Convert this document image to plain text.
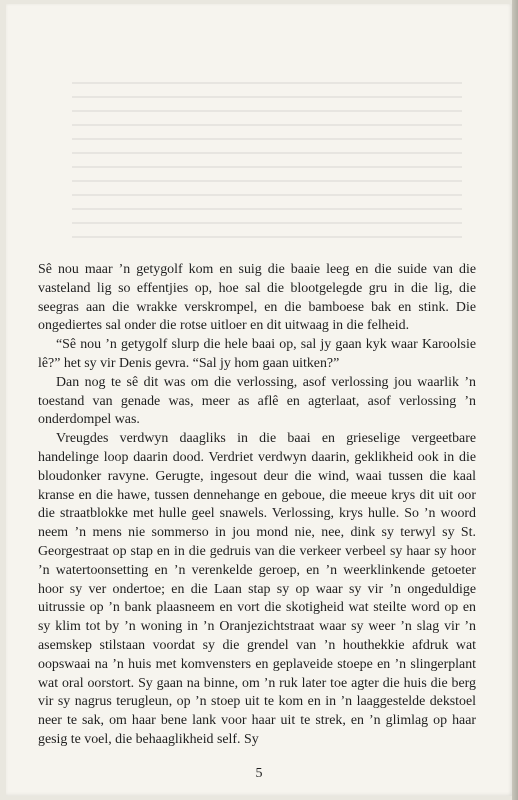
Sê nou maar ’n getygolf kom en suig die baaie leeg en die suide van die vasteland lig so effentjies op, hoe sal die blootgelegde gru in die lig, die seegras aan die wrakke verskrompel, en die bamboese bak en stink. Die ongediertes sal onder die rotse uitloer en dit uitwaag in die felheid.

“Sê nou ’n getygolf slurp die hele baai op, sal jy gaan kyk waar Karoolsie lê?” het sy vir Denis gevra. “Sal jy hom gaan uitken?”

Dan nog te sê dit was om die verlossing, asof verlossing jou waarlik ’n toestand van genade was, meer as aflê en agterlaat, asof verlossing ’n onderdompel was.

Vreugdes verdwyn daagliks in die baai en grieselige vergeetbare handelinge loop daarin dood. Verdriet verdwyn daarin, geklikheid ook in die bloudonker ravyne. Gerugte, ingesout deur die wind, waai tussen die kaal kranse en die hawe, tussen dennehange en geboue, die meeue krys dit uit oor die straatblokke met hulle geel snawels. Verlossing, krys hulle. So ’n woord neem ’n mens nie sommerso in jou mond nie, nee, dink sy terwyl sy St. Georgestraat op stap en in die gedruis van die verkeer verbeel sy haar sy hoor ’n watertoonsetting en ’n verenkelde geroep, en ’n weerklinkende getoeter hoor sy ver ondertoe; en die Laan stap sy op waar sy vir ’n ongeduldige uitrussie op ’n bank plaasneem en vort die skotigheid wat steilte word op en sy klim tot by ’n woning in ’n Oranjezichtstraat waar sy weer ’n slag vir ’n asemskep stilstaan voordat sy die grendel van ’n houthekkie afdruk wat oopswaai na ’n huis met komvensters en geplaveide stoepe en ’n slingerplant wat oral oorstort. Sy gaan na binne, om ’n ruk later toe agter die huis die berg vir sy nagrus terugleun, op ’n stoep uit te kom en in ’n laaggestelde dekstoel neer te sak, om haar bene lank voor haar uit te strek, en ’n glimlag op haar gesig te voel, die behaaglikheid self. Sy

5
